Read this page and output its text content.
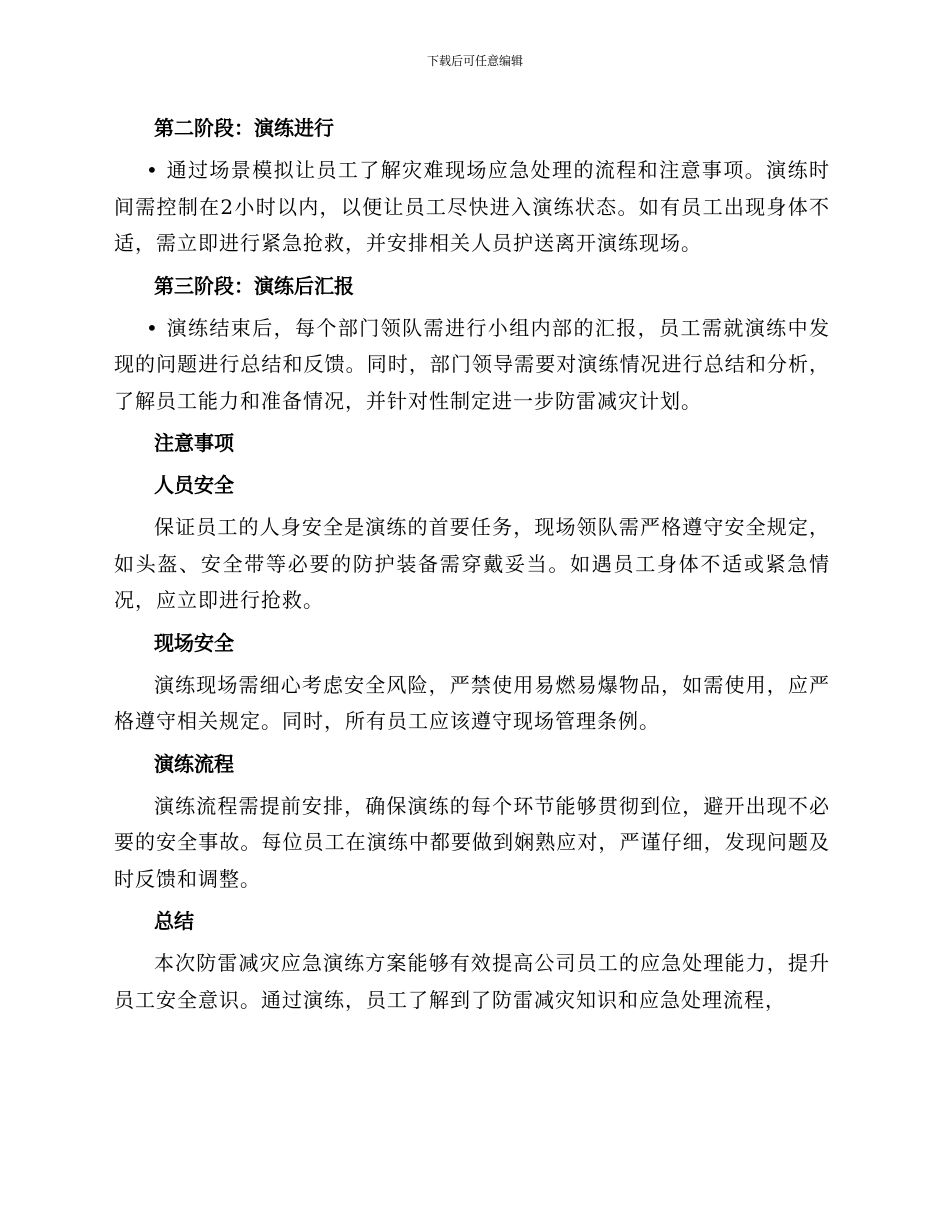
下载后可任意编辑
第二阶段：演练进行

• 通过场景模拟让员工了解灾难现场应急处理的流程和注意事项。演练时间需控制在2小时以内，以便让员工尽快进入演练状态。如有员工出现身体不适，需立即进行紧急抢救，并安排相关人员护送离开演练现场。

第三阶段：演练后汇报

• 演练结束后，每个部门领队需进行小组内部的汇报，员工需就演练中发现的问题进行总结和反馈。同时，部门领导需要对演练情况进行总结和分析，了解员工能力和准备情况，并针对性制定进一步防雷减灾计划。

注意事项
人员安全

保证员工的人身安全是演练的首要任务，现场领队需严格遵守安全规定，如头盔、安全带等必要的防护装备需穿戴妥当。如遇员工身体不适或紧急情况，应立即进行抢救。

现场安全

演练现场需细心考虑安全风险，严禁使用易燃易爆物品，如需使用，应严格遵守相关规定。同时，所有员工应该遵守现场管理条例。

演练流程

演练流程需提前安排，确保演练的每个环节能够贯彻到位，避开出现不必要的安全事故。每位员工在演练中都要做到娴熟应对，严谨仔细，发现问题及时反馈和调整。

总结

本次防雷减灾应急演练方案能够有效提高公司员工的应急处理能力，提升员工安全意识。通过演练，员工了解到了防雷减灾知识和应急处理流程，
